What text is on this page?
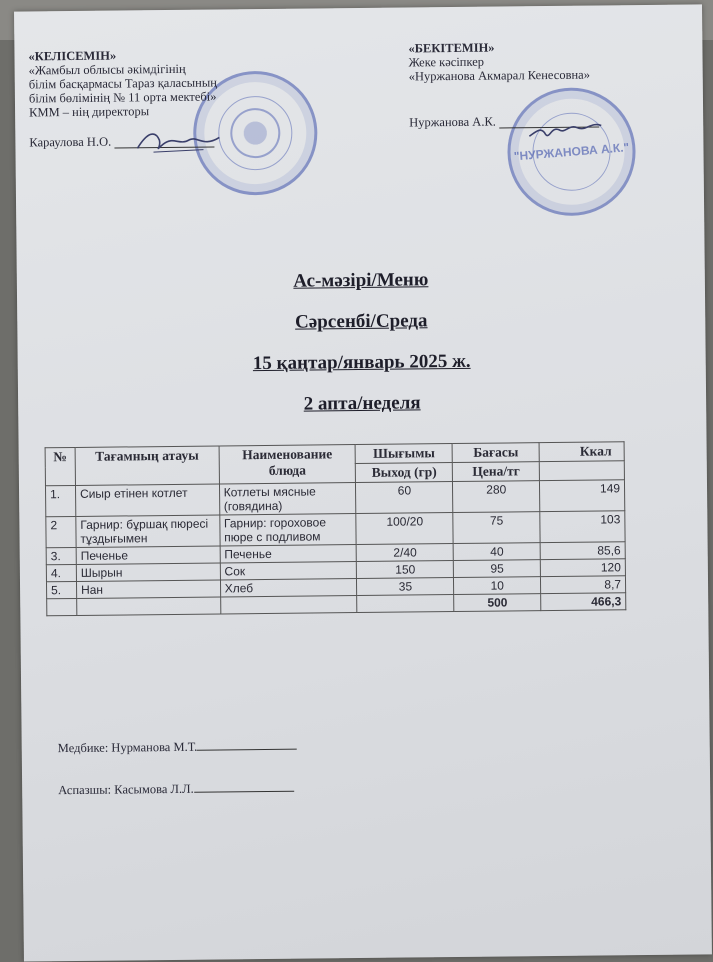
«КЕЛІСЕМІН»
«Жамбыл облысы әкімдігінің
білім басқармасы Тараз қаласының
білім бөлімінің № 11 орта мектебі»
КММ – нің директоры
Караулова Н.О.	"НУРЖАНОВА А.К."
«БЕКІТЕМІН»
Жеке кәсіпкер
«Нуржанова Акмарал Кенесовна»
Нуржанова А.К.
Ас-мәзірі/Меню
Сәрсенбі/Среда
15 қаңтар/январь 2025 ж.
2 апта/неделя
№	Тағамның атауы	Наименование блюда	Шығымы	Бағасы	Ккал
			Выход (гр)	Цена/тг	
1.	Сиыр етінен котлет	Котлеты мясные (говядина)	60	280	149
2	Гарнир: бұршақ пюресі тұздығымен	Гарнир: гороховое пюре с подливом	100/20	75	103
3.	Печенье	Печенье	2/40	40	85,6
4.	Шырын	Сок	150	95	120
5.	Нан	Хлеб	35	10	8,7
				500	466,3
Медбике: Нурманова М.Т.
Аспазшы: Касымова Л.Л.
